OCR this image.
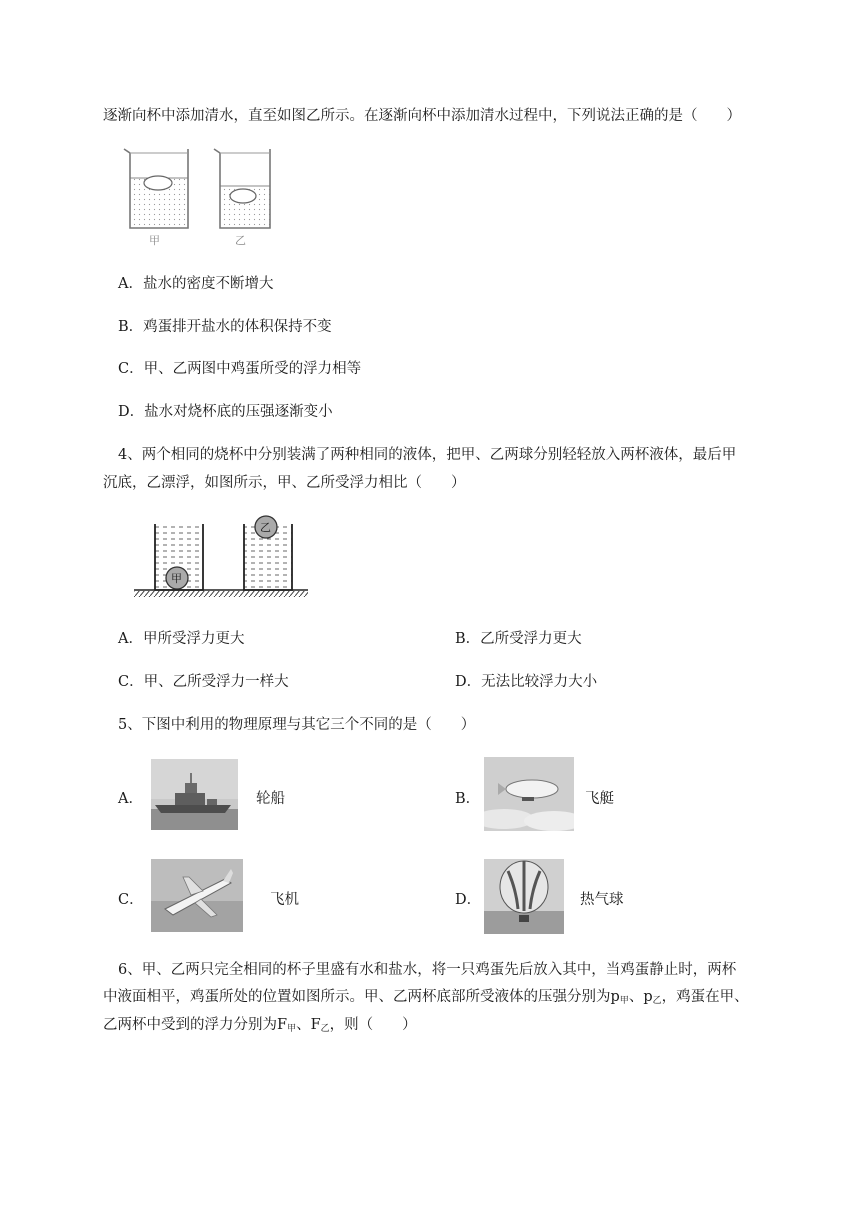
逐渐向杯中添加清水，直至如图乙所示。在逐渐向杯中添加清水过程中，下列说法正确的是（　　）
甲	乙
A．盐水的密度不断增大
B．鸡蛋排开盐水的体积保持不变
C．甲、乙两图中鸡蛋所受的浮力相等
D．盐水对烧杯底的压强逐渐变小
4、两个相同的烧杯中分别装满了两种相同的液体，把甲、乙两球分别轻轻放入两杯液体，最后甲
沉底，乙漂浮，如图所示，甲、乙所受浮力相比（　　）
甲
乙
A．甲所受浮力更大	B．乙所受浮力更大
C．甲、乙所受浮力一样大	D．无法比较浮力大小
5、下图中利用的物理原理与其它三个不同的是（　　）
A．	轮船	B．	飞艇
C．	飞机	D．	热气球
6、甲、乙两只完全相同的杯子里盛有水和盐水，将一只鸡蛋先后放入其中，当鸡蛋静止时，两杯
中液面相平，鸡蛋所处的位置如图所示。甲、乙两杯底部所受液体的压强分别为p甲、p乙，鸡蛋在甲、
乙两杯中受到的浮力分别为F甲、F乙，则（　　）
